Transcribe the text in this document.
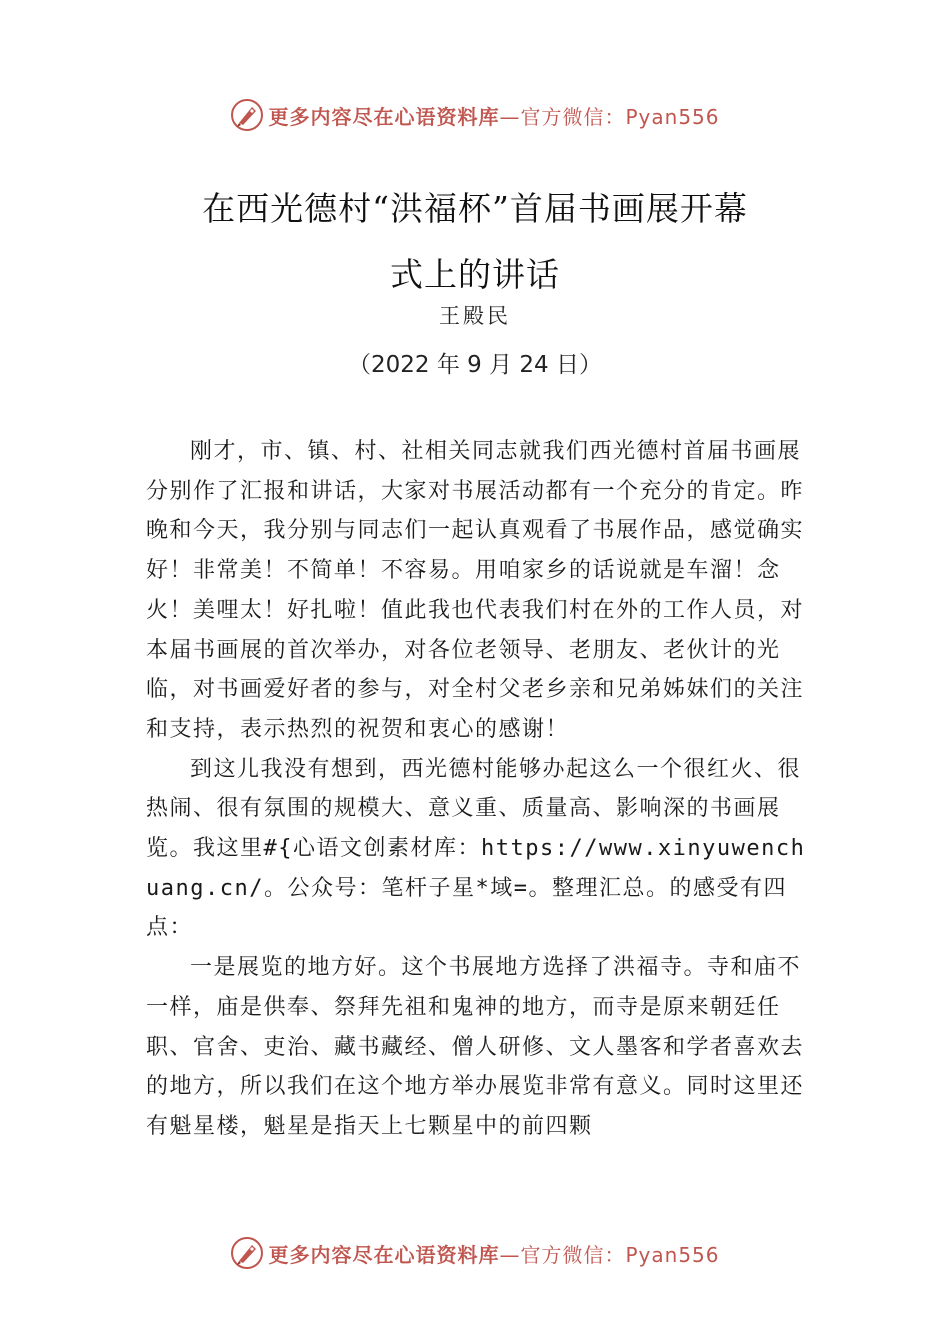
更多内容尽在心语资料库—官方微信：Pyan556
在西光德村“洪福杯”首届书画展开幕
式上的讲话
王殿民
（2022 年 9 月 24 日）

刚才，市、镇、村、社相关同志就我们西光德村首届书画展分别作了汇报和讲话，大家对书展活动都有一个充分的肯定。昨晚和今天，我分别与同志们一起认真观看了书展作品，感觉确实好！非常美！不简单！不容易。用咱家乡的话说就是车溜！念火！美哩太！好扎啦！值此我也代表我们村在外的工作人员，对本届书画展的首次举办，对各位老领导、老朋友、老伙计的光临，对书画爱好者的参与，对全村父老乡亲和兄弟姊妹们的关注和支持，表示热烈的祝贺和衷心的感谢！

到这儿我没有想到，西光德村能够办起这么一个很红火、很热闹、很有氛围的规模大、意义重、质量高、影响深的书画展览。我这里#{心语文创素材库：https://www.xinyuwenchuang.cn/。公众号：笔杆子星*域=。整理汇总。的感受有四点：

一是展览的地方好。这个书展地方选择了洪福寺。寺和庙不一样，庙是供奉、祭拜先祖和鬼神的地方，而寺是原来朝廷任职、官舍、吏治、藏书藏经、僧人研修、文人墨客和学者喜欢去的地方，所以我们在这个地方举办展览非常有意义。同时这里还有魁星楼，魁星是指天上七颗星中的前四颗

更多内容尽在心语资料库—官方微信：Pyan556
